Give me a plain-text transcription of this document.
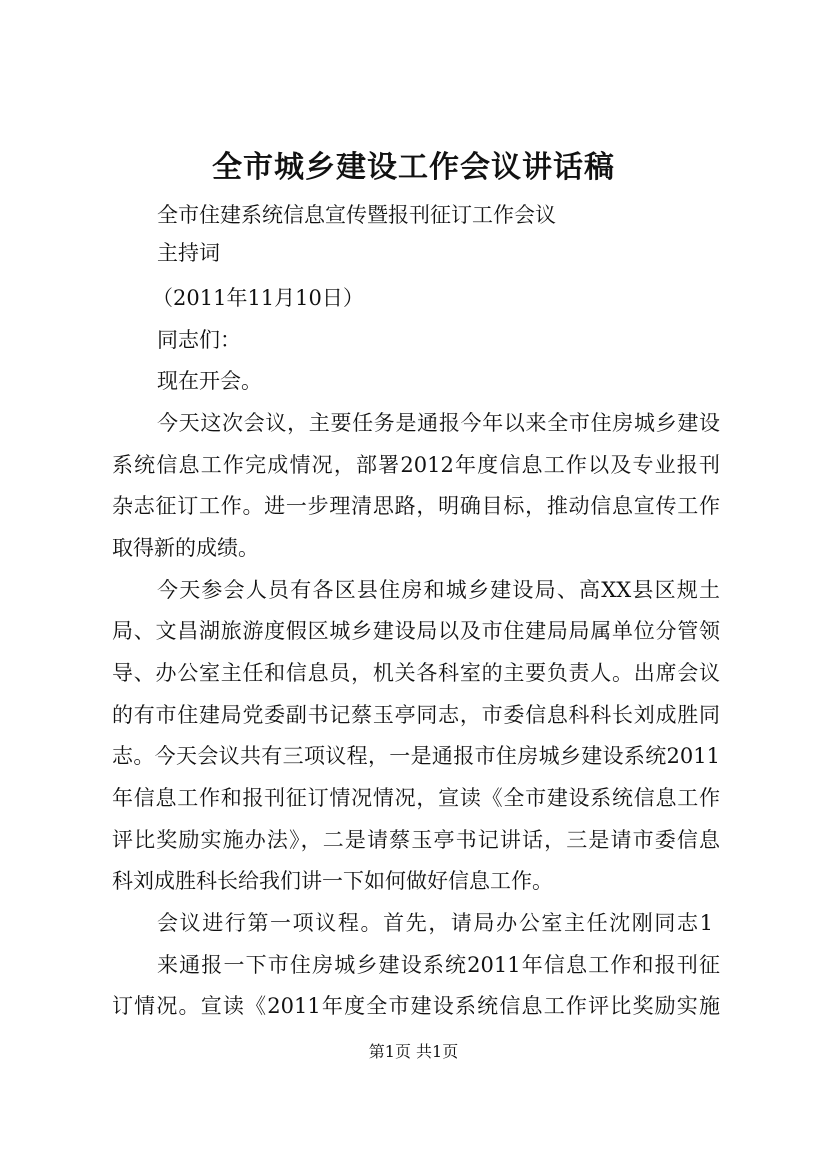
全市城乡建设工作会议讲话稿
全市住建系统信息宣传暨报刊征订工作会议
主持词
（2011年11月10日）
同志们：
现在开会。
今天这次会议，主要任务是通报今年以来全市住房城乡建设
系统信息工作完成情况，部署2012年度信息工作以及专业报刊
杂志征订工作。进一步理清思路，明确目标，推动信息宣传工作
取得新的成绩。
今天参会人员有各区县住房和城乡建设局、高XX县区规土
局、文昌湖旅游度假区城乡建设局以及市住建局局属单位分管领
导、办公室主任和信息员，机关各科室的主要负责人。出席会议
的有市住建局党委副书记蔡玉亭同志，市委信息科科长刘成胜同
志。今天会议共有三项议程，一是通报市住房城乡建设系统2011
年信息工作和报刊征订情况情况，宣读《全市建设系统信息工作
评比奖励实施办法》，二是请蔡玉亭书记讲话，三是请市委信息
科刘成胜科长给我们讲一下如何做好信息工作。
会议进行第一项议程。首先，请局办公室主任沈刚同志1
来通报一下市住房城乡建设系统2011年信息工作和报刊征
订情况。宣读《2011年度全市建设系统信息工作评比奖励实施
第1页 共1页
